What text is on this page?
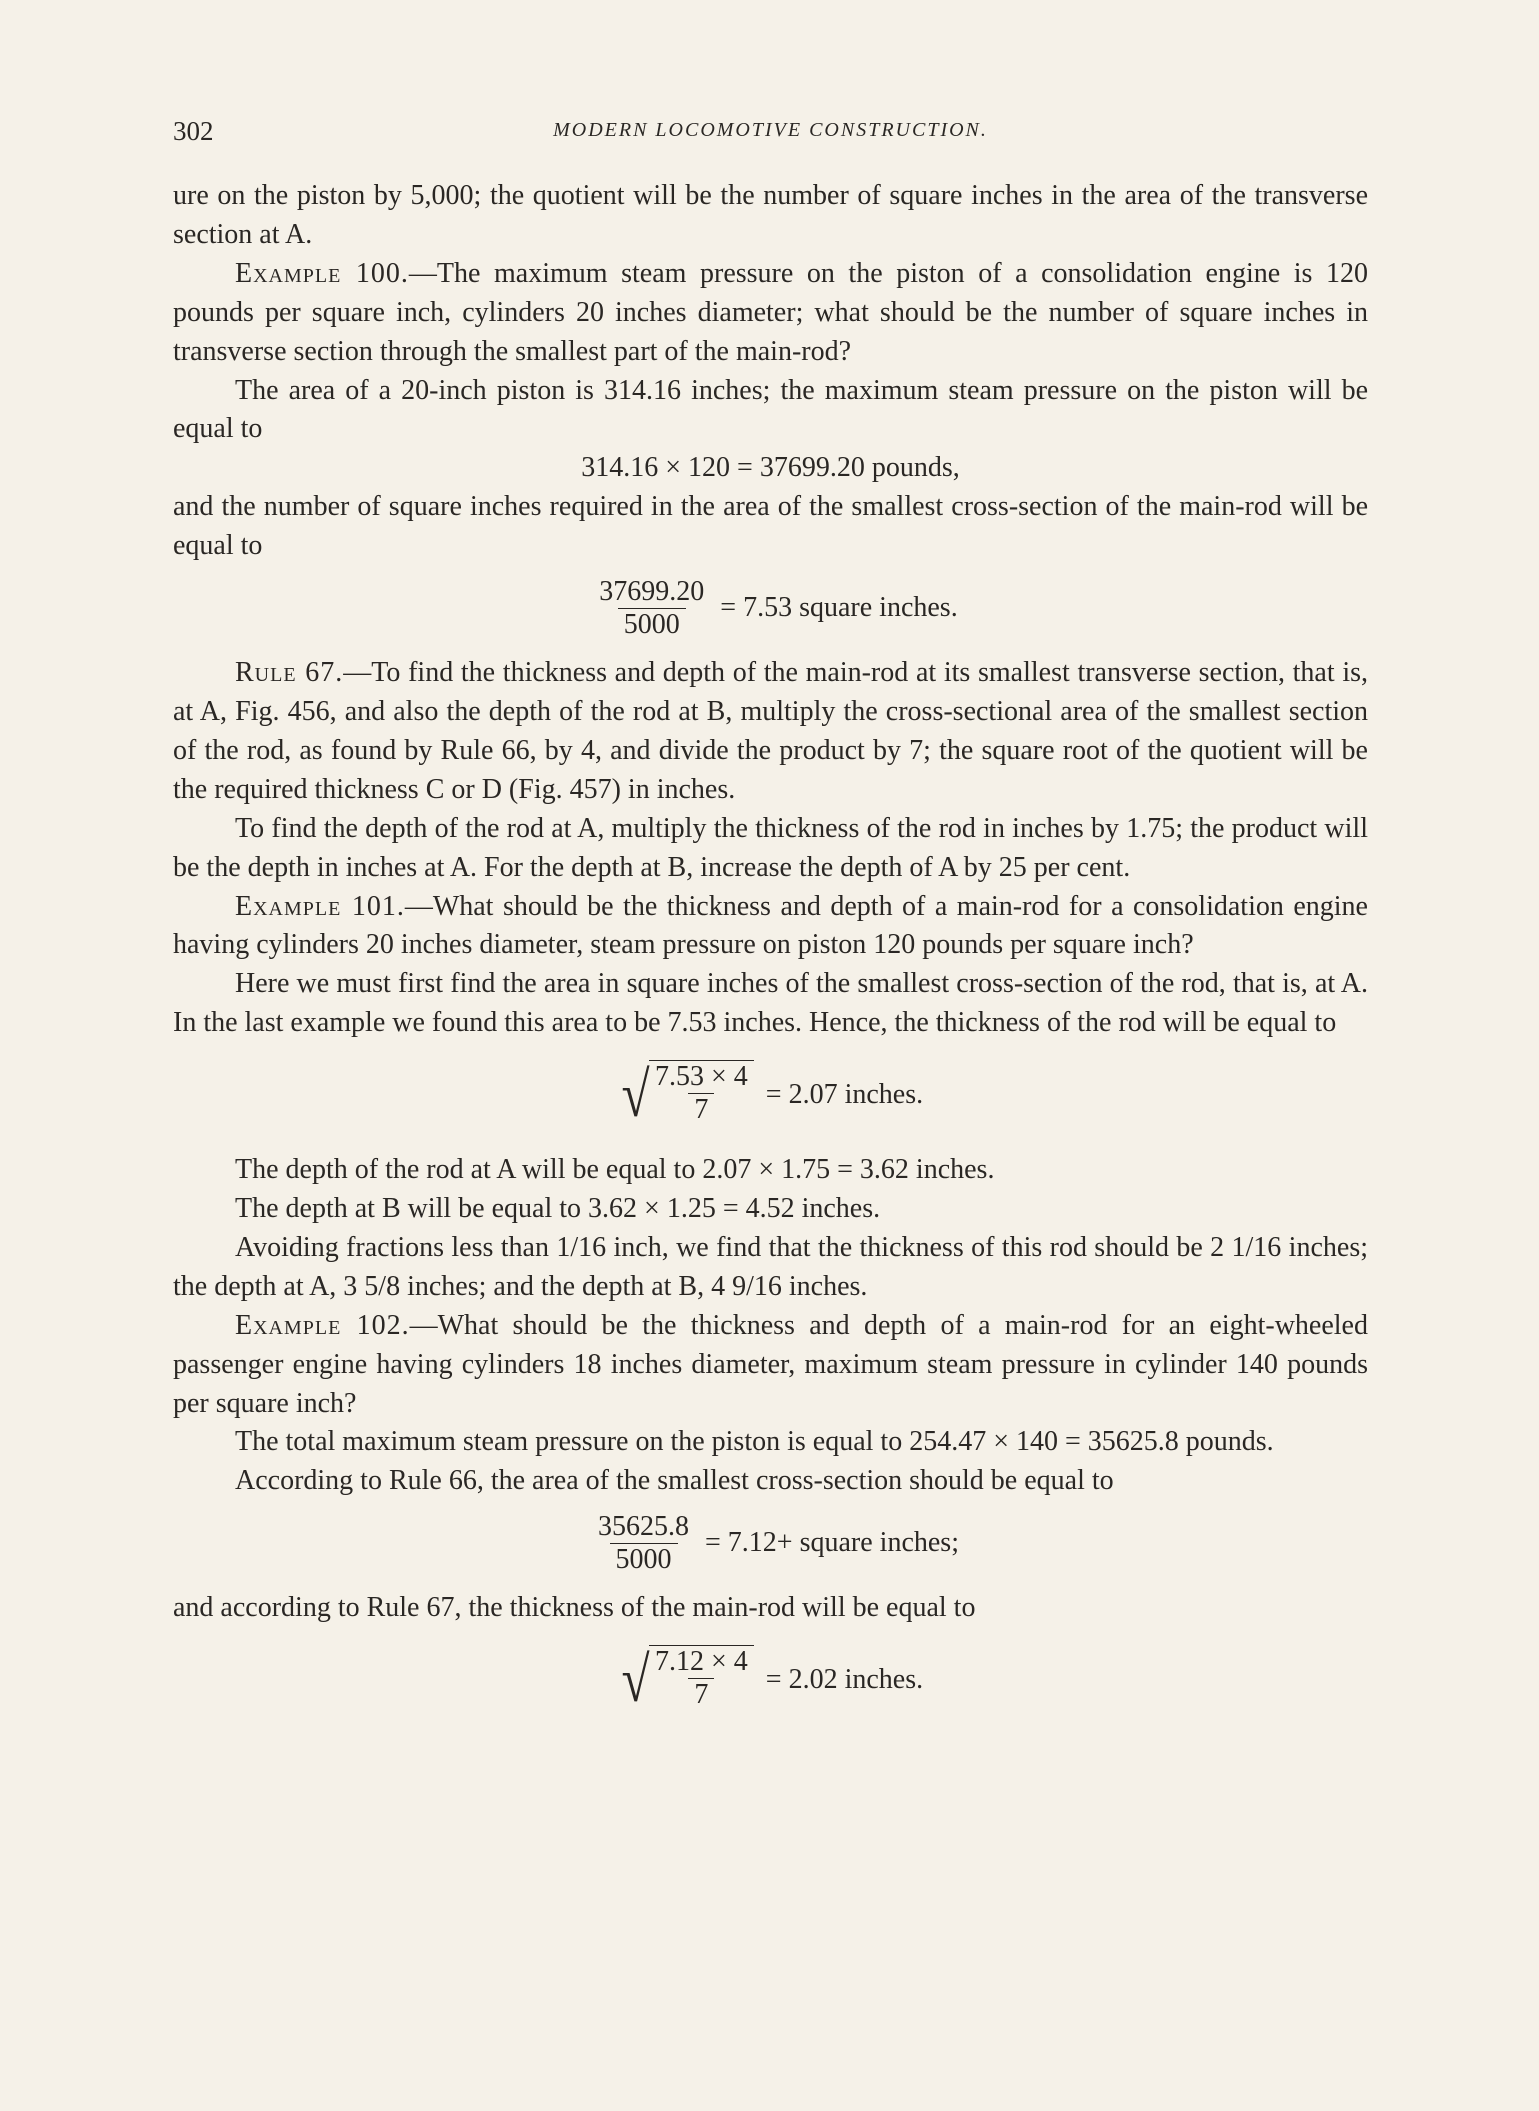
302	MODERN LOCOMOTIVE CONSTRUCTION.

ure on the piston by 5,000; the quotient will be the number of square inches in the area of the transverse section at A.

Example 100.—The maximum steam pressure on the piston of a consolidation engine is 120 pounds per square inch, cylinders 20 inches diameter; what should be the number of square inches in transverse section through the smallest part of the main-rod?

The area of a 20-inch piston is 314.16 inches; the maximum steam pressure on the piston will be equal to

314.16 × 120 = 37699.20 pounds,

and the number of square inches required in the area of the smallest cross-section of the main-rod will be equal to

$\frac{37699.20}{5000} = 7.53$ square inches.

Rule 67.—To find the thickness and depth of the main-rod at its smallest transverse section, that is, at A, Fig. 456, and also the depth of the rod at B, multiply the cross-sectional area of the smallest section of the rod, as found by Rule 66, by 4, and divide the product by 7; the square root of the quotient will be the required thickness C or D (Fig. 457) in inches.

To find the depth of the rod at A, multiply the thickness of the rod in inches by 1.75; the product will be the depth in inches at A. For the depth at B, increase the depth of A by 25 per cent.

Example 101.—What should be the thickness and depth of a main-rod for a consolidation engine having cylinders 20 inches diameter, steam pressure on piston 120 pounds per square inch?

Here we must first find the area in square inches of the smallest cross-section of the rod, that is, at A. In the last example we found this area to be 7.53 inches. Hence, the thickness of the rod will be equal to

√ $\frac{7.53 \times 4}{7} = 2.07$ inches.

The depth of the rod at A will be equal to 2.07 × 1.75 = 3.62 inches.

The depth at B will be equal to 3.62 × 1.25 = 4.52 inches.

Avoiding fractions less than 1/16 inch, we find that the thickness of this rod should be 2 1/16 inches; the depth at A, 3 5/8 inches; and the depth at B, 4 9/16 inches.

Example 102.—What should be the thickness and depth of a main-rod for an eight-wheeled passenger engine having cylinders 18 inches diameter, maximum steam pressure in cylinder 140 pounds per square inch?

The total maximum steam pressure on the piston is equal to 254.47 × 140 = 35625.8 pounds.

According to Rule 66, the area of the smallest cross-section should be equal to

$\frac{35625.8}{5000} = 7.12+$ square inches;

and according to Rule 67, the thickness of the main-rod will be equal to

√ $\frac{7.12 \times 4}{7} = 2.02$ inches.
